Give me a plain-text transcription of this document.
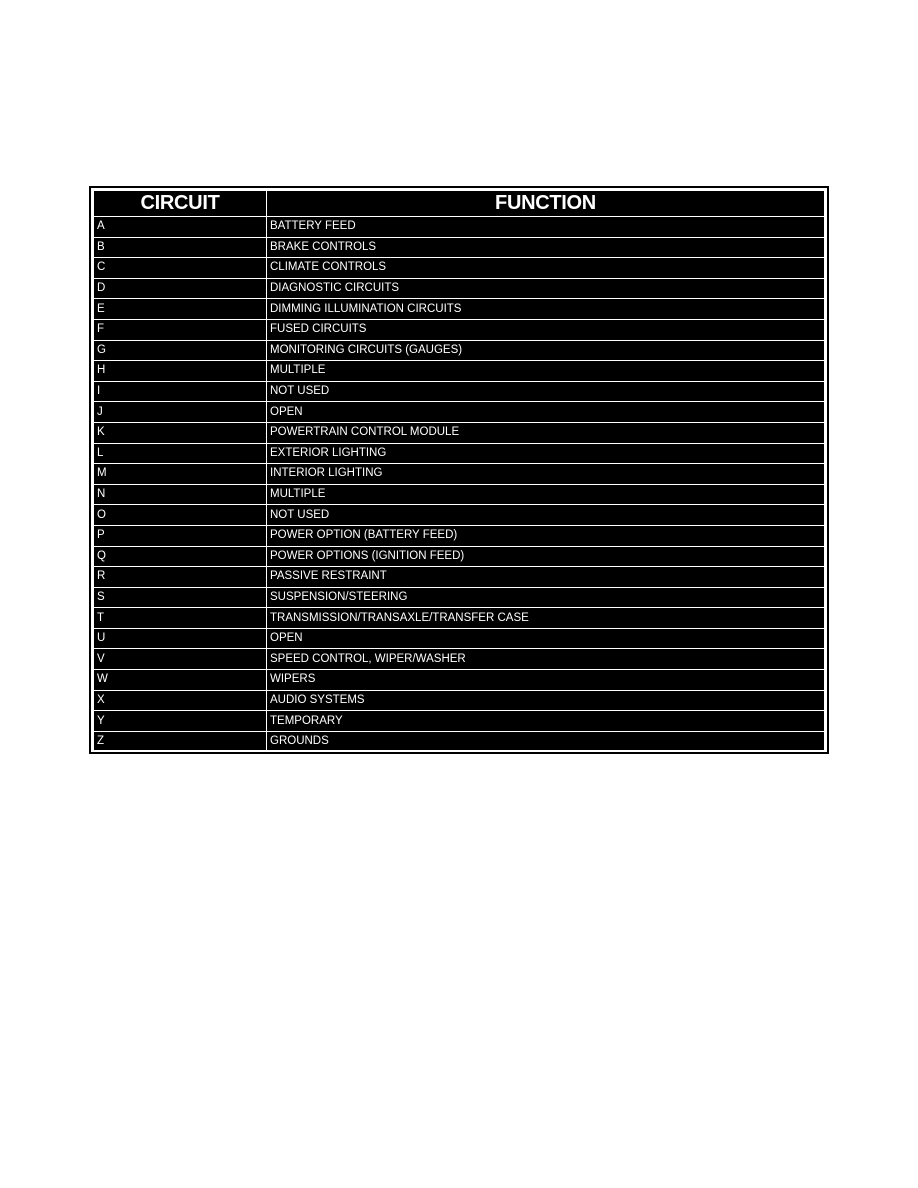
CIRCUIT	FUNCTION
A	BATTERY FEED
B	BRAKE CONTROLS
C	CLIMATE CONTROLS
D	DIAGNOSTIC CIRCUITS
E	DIMMING ILLUMINATION CIRCUITS
F	FUSED CIRCUITS
G	MONITORING CIRCUITS (GAUGES)
H	MULTIPLE
I	NOT USED
J	OPEN
K	POWERTRAIN CONTROL MODULE
L	EXTERIOR LIGHTING
M	INTERIOR LIGHTING
N	MULTIPLE
O	NOT USED
P	POWER OPTION (BATTERY FEED)
Q	POWER OPTIONS (IGNITION FEED)
R	PASSIVE RESTRAINT
S	SUSPENSION/STEERING
T	TRANSMISSION/TRANSAXLE/TRANSFER CASE
U	OPEN
V	SPEED CONTROL, WIPER/WASHER
W	WIPERS
X	AUDIO SYSTEMS
Y	TEMPORARY
Z	GROUNDS
